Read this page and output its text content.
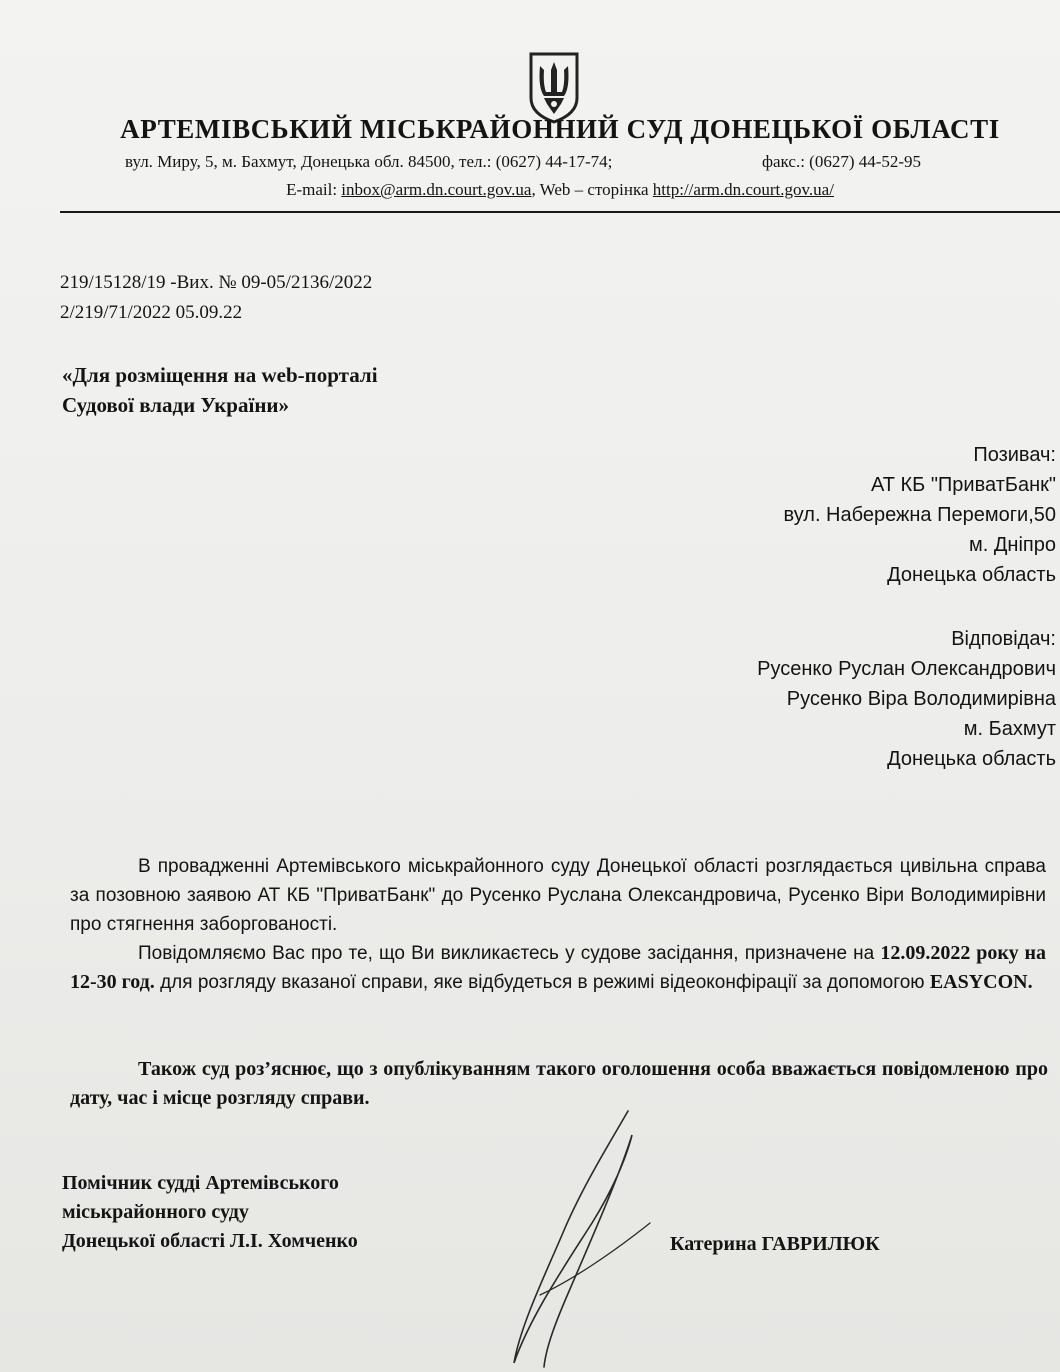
АРТЕМІВСЬКИЙ МІСЬКРАЙОННИЙ СУД ДОНЕЦЬКОЇ ОБЛАСТІ
вул. Миру, 5, м. Бахмут, Донецька обл. 84500, тел.: (0627) 44-17-74;	факс.: (0627) 44-52-95
E-mail: inbox@arm.dn.court.gov.ua, Web – сторінка http://arm.dn.court.gov.ua/
219/15128/19 -Вих. № 09-05/2136/2022
2/219/71/2022 05.09.22
«Для розміщення на web-порталі
Судової влади України»
Позивач:
АТ КБ "ПриватБанк"
вул. Набережна Перемоги,50
м. Дніпро
Донецька область
Відповідач:
Русенко Руслан Олександрович
Русенко Віра Володимирівна
м. Бахмут
Донецька область
В провадженні Артемівського міськрайонного суду Донецької області розглядається цивільна справа за позовною заявою АТ КБ "ПриватБанк" до Русенко Руслана Олександровича, Русенко Віри Володимирівни про стягнення заборгованості.
Повідомляємо Вас про те, що Ви викликаєтесь у судове засідання, призначене на 12.09.2022 року на 12-30 год. для розгляду вказаної справи, яке відбудеться в режимі відеоконфірації за допомогою EASYCON.
Також суд роз’яснює, що з опублікуванням такого оголошення особа вважається повідомленою про дату, час і місце розгляду справи.
Помічник судді Артемівського
міськрайонного суду
Донецької області Л.І. Хомченко	Катерина ГАВРИЛЮК
